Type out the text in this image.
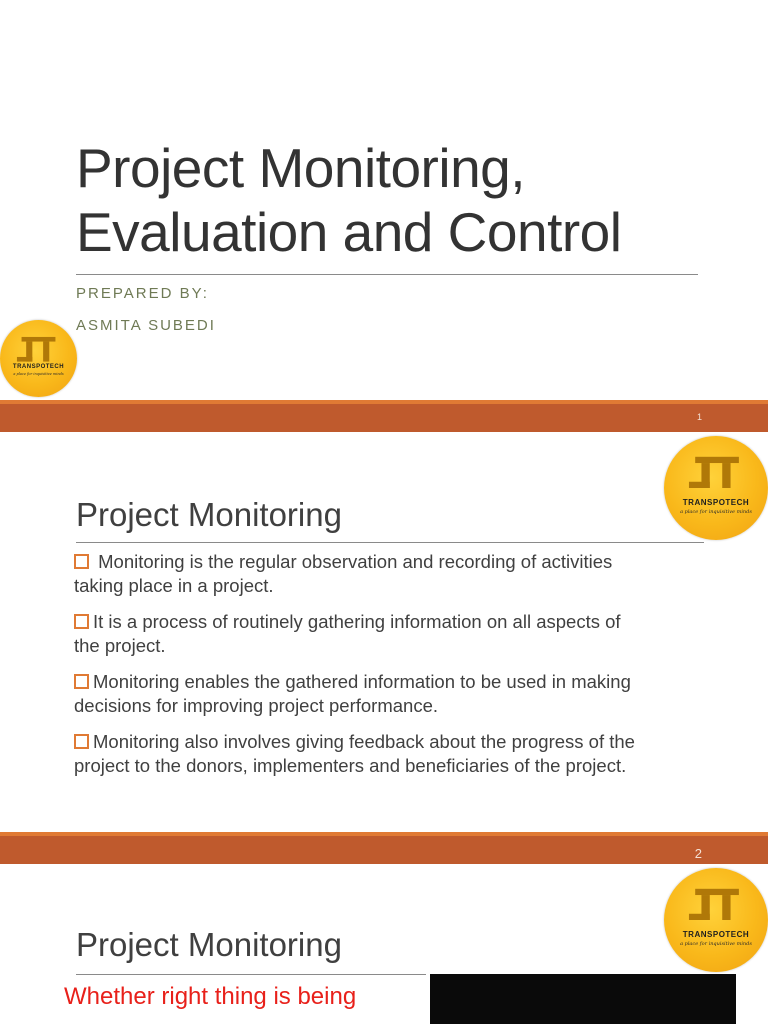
Project Monitoring,
Evaluation and Control
PREPARED BY:
ASMITA SUBEDI
TRANSPOTECH
a place for inquisitive minds
1
TRANSPOTECH
a place for inquisitive minds
Project Monitoring
Monitoring is the regular observation and recording of activities
taking place in a project.
It is a process of routinely gathering information on all aspects of
the project.
Monitoring enables the gathered information to be used in making
decisions for improving project performance.
Monitoring also involves giving feedback about the progress of the
project to the donors, implementers and beneficiaries of the project.
2
TRANSPOTECH
a place for inquisitive minds
Project Monitoring
Whether right thing is being
